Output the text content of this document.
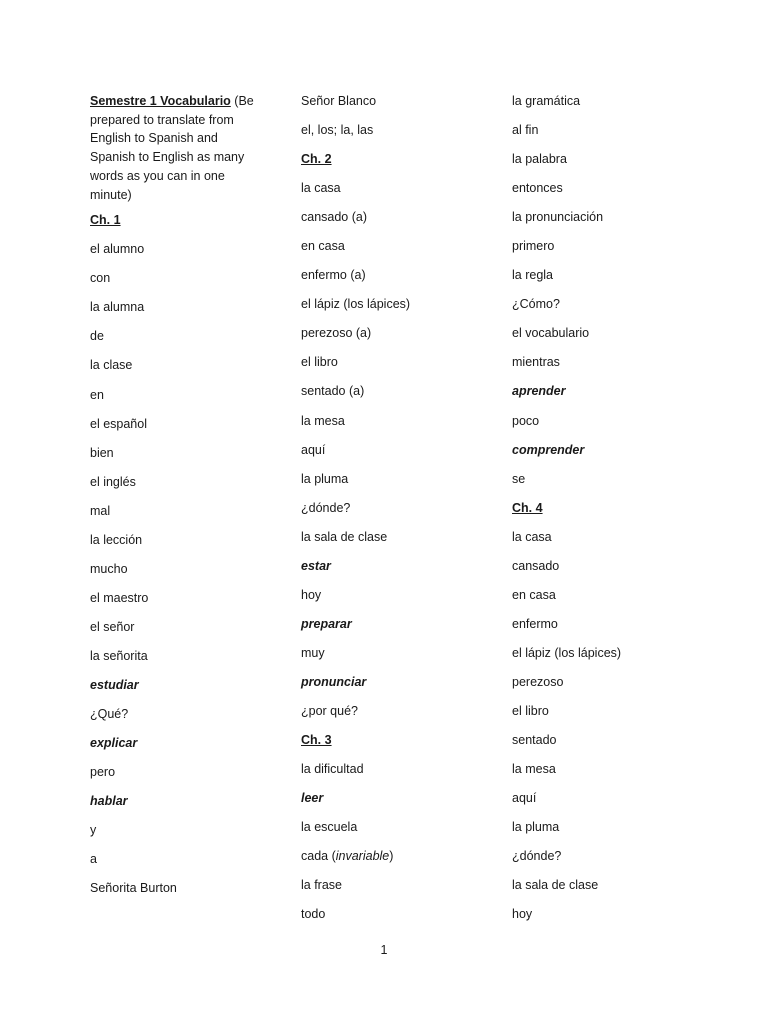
Semestre 1 Vocabulario (Be prepared to translate from English to Spanish and Spanish to English as many words as you can in one minute)
Ch. 1
el alumno
con
la alumna
de
la clase
en
el español
bien
el inglés
mal
la lección
mucho
el maestro
el señor
la señorita
estudiar
¿Qué?
explicar
pero
hablar
y
a
Señorita Burton
Señor Blanco
el, los; la, las
Ch. 2
la casa
cansado (a)
en casa
enfermo (a)
el lápiz (los lápices)
perezoso (a)
el libro
sentado (a)
la mesa
aquí
la pluma
¿dónde?
la sala de clase
estar
hoy
preparar
muy
pronunciar
¿por qué?
Ch. 3
la dificultad
leer
la escuela
cada (invariable)
la frase
todo
la gramática
al fin
la palabra
entonces
la pronunciación
primero
la regla
¿Cómo?
el vocabulario
mientras
aprender
poco
comprender
se
Ch. 4
la casa
cansado
en casa
enfermo
el lápiz (los lápices)
perezoso
el libro
sentado
la mesa
aquí
la pluma
¿dónde?
la sala de clase
hoy
1
